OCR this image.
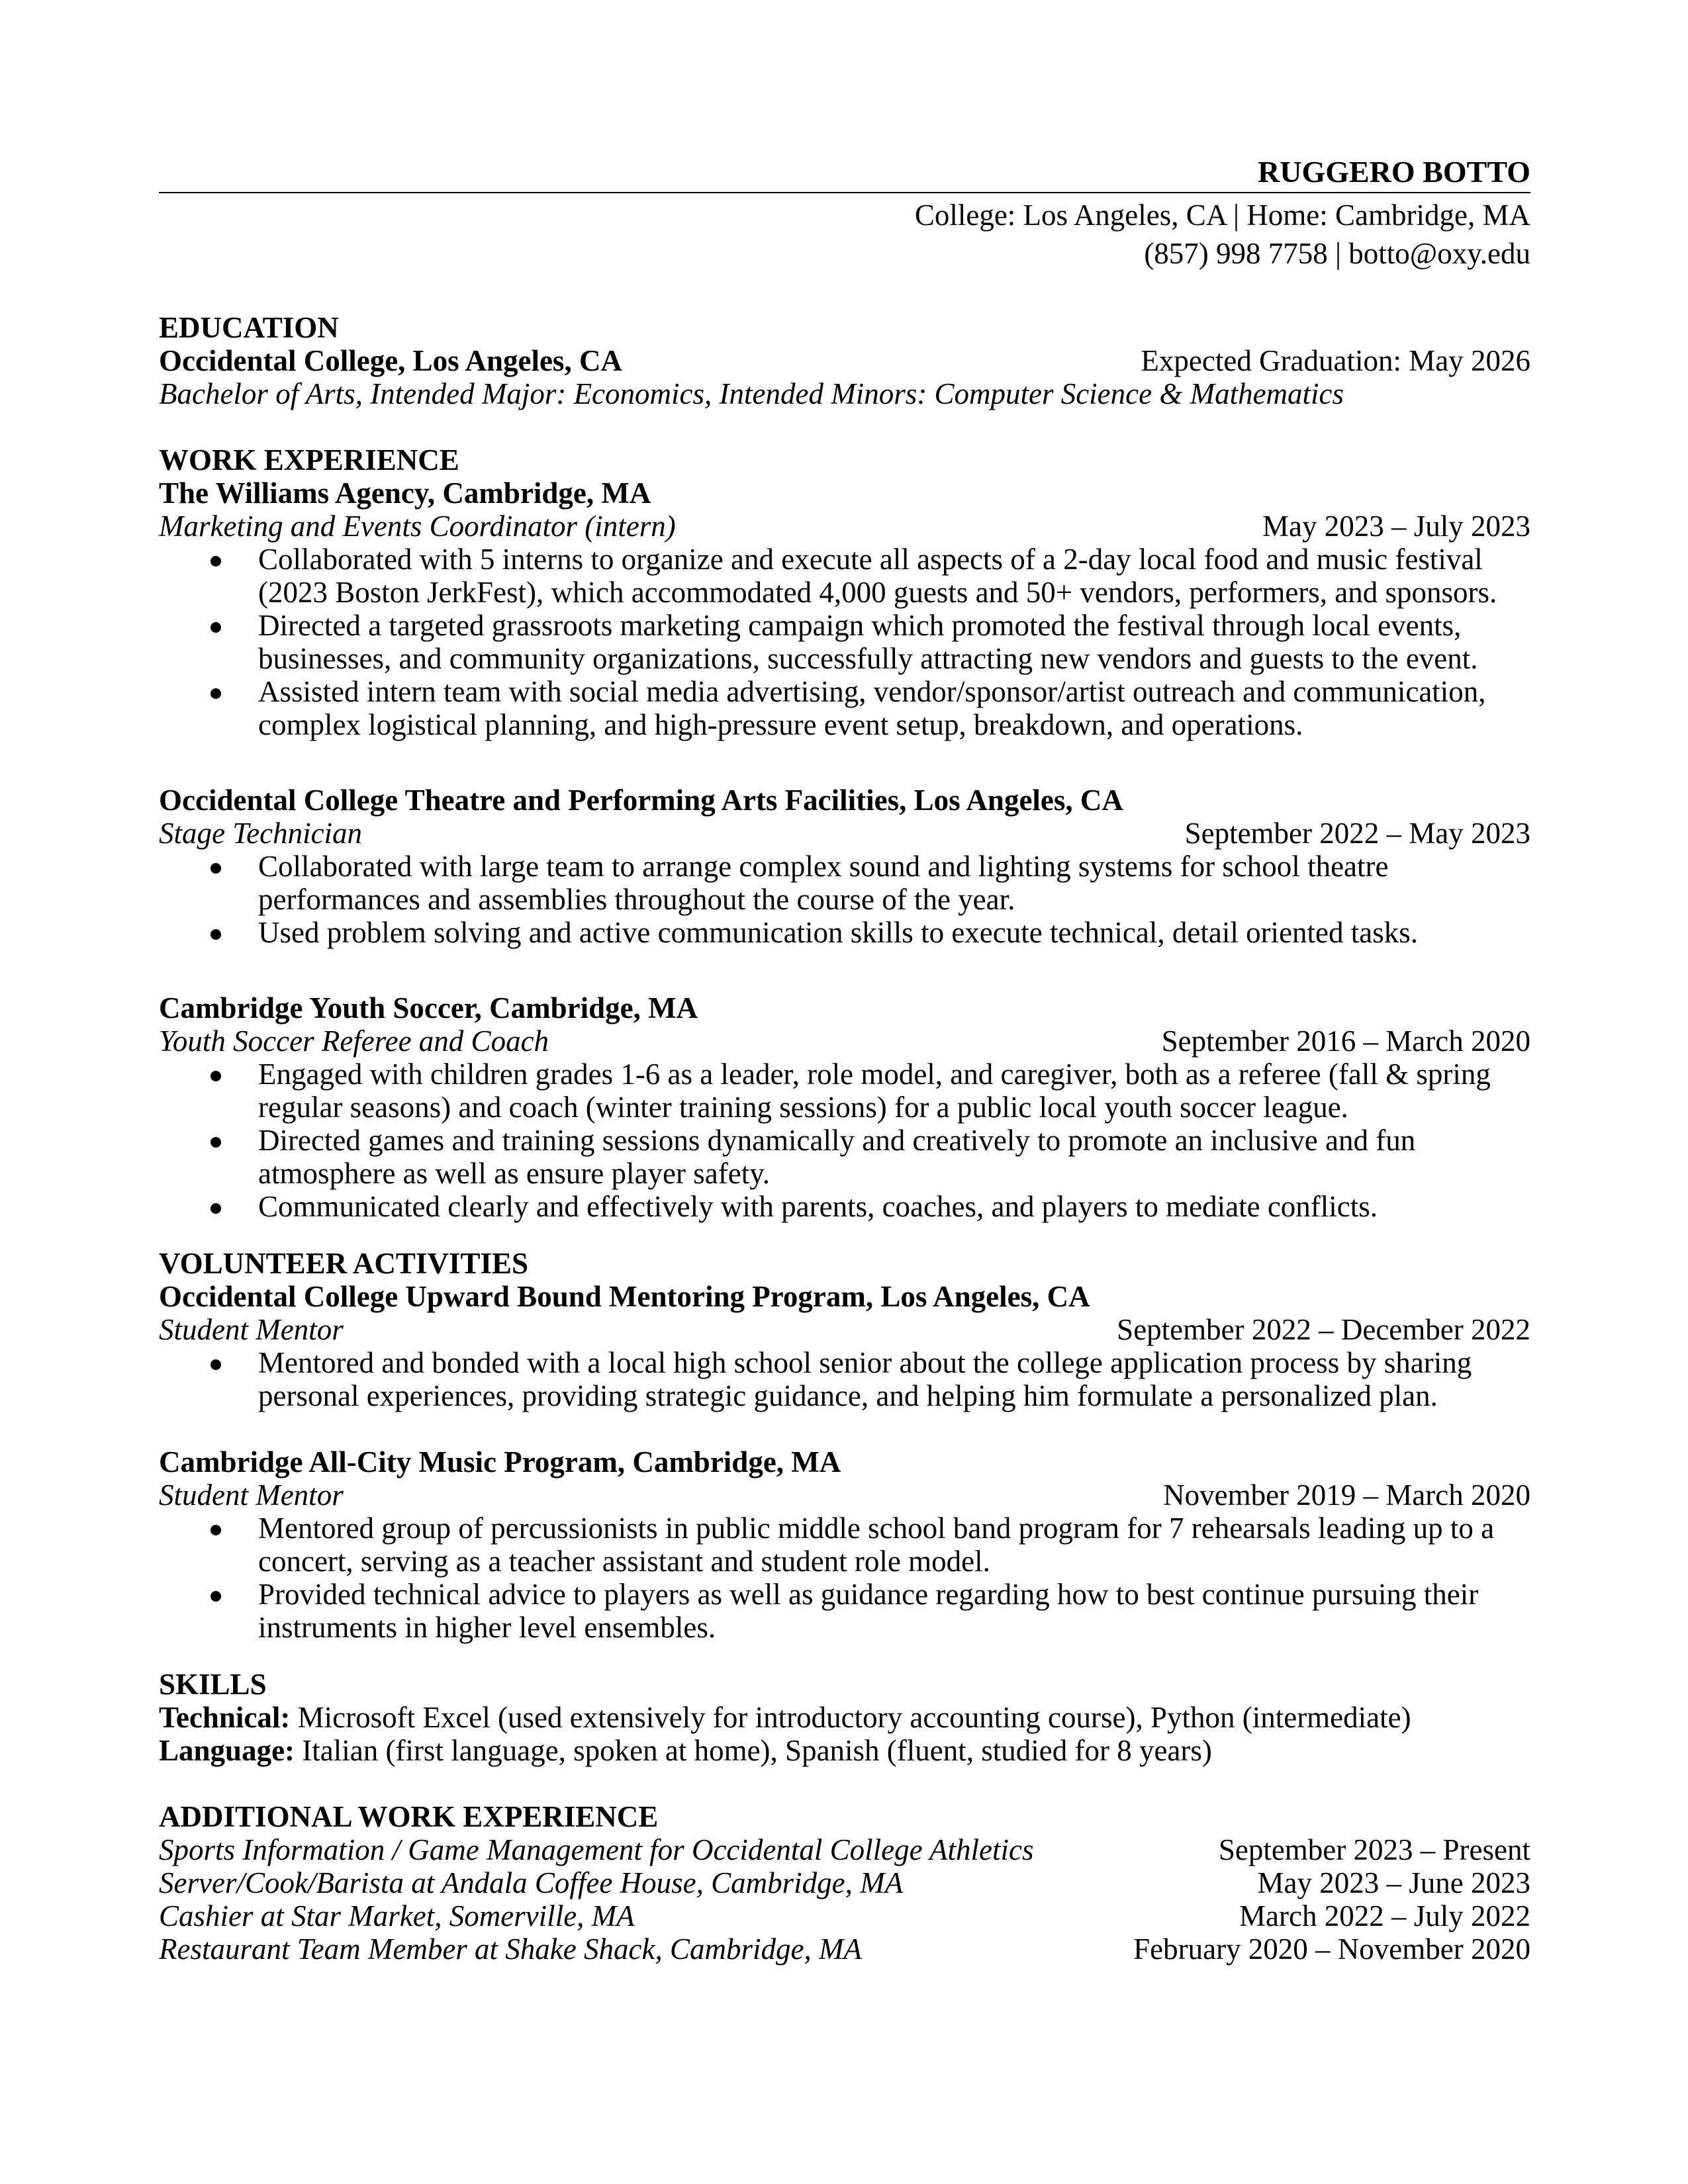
RUGGERO BOTTO
College: Los Angeles, CA | Home: Cambridge, MA
(857) 998 7758 | botto@oxy.edu
EDUCATION
Occidental College, Los Angeles, CA	Expected Graduation: May 2026
Bachelor of Arts, Intended Major: Economics, Intended Minors: Computer Science & Mathematics
WORK EXPERIENCE
The Williams Agency, Cambridge, MA
Marketing and Events Coordinator (intern)	May 2023 – July 2023
Collaborated with 5 interns to organize and execute all aspects of a 2-day local food and music festival (2023 Boston JerkFest), which accommodated 4,000 guests and 50+ vendors, performers, and sponsors.
Directed a targeted grassroots marketing campaign which promoted the festival through local events, businesses, and community organizations, successfully attracting new vendors and guests to the event.
Assisted intern team with social media advertising, vendor/sponsor/artist outreach and communication, complex logistical planning, and high-pressure event setup, breakdown, and operations.
Occidental College Theatre and Performing Arts Facilities, Los Angeles, CA
Stage Technician	September 2022 – May 2023
Collaborated with large team to arrange complex sound and lighting systems for school theatre performances and assemblies throughout the course of the year.
Used problem solving and active communication skills to execute technical, detail oriented tasks.
Cambridge Youth Soccer, Cambridge, MA
Youth Soccer Referee and Coach	September 2016 – March 2020
Engaged with children grades 1-6 as a leader, role model, and caregiver, both as a referee (fall & spring regular seasons) and coach (winter training sessions) for a public local youth soccer league.
Directed games and training sessions dynamically and creatively to promote an inclusive and fun atmosphere as well as ensure player safety.
Communicated clearly and effectively with parents, coaches, and players to mediate conflicts.
VOLUNTEER ACTIVITIES
Occidental College Upward Bound Mentoring Program, Los Angeles, CA
Student Mentor	September 2022 – December 2022
Mentored and bonded with a local high school senior about the college application process by sharing personal experiences, providing strategic guidance, and helping him formulate a personalized plan.
Cambridge All-City Music Program, Cambridge, MA
Student Mentor	November 2019 – March 2020
Mentored group of percussionists in public middle school band program for 7 rehearsals leading up to a concert, serving as a teacher assistant and student role model.
Provided technical advice to players as well as guidance regarding how to best continue pursuing their instruments in higher level ensembles.
SKILLS
Technical: Microsoft Excel (used extensively for introductory accounting course), Python (intermediate)
Language: Italian (first language, spoken at home), Spanish (fluent, studied for 8 years)
ADDITIONAL WORK EXPERIENCE
Sports Information / Game Management for Occidental College Athletics	September 2023 – Present
Server/Cook/Barista at Andala Coffee House, Cambridge, MA	May 2023 – June 2023
Cashier at Star Market, Somerville, MA	March 2022 – July 2022
Restaurant Team Member at Shake Shack, Cambridge, MA	February 2020 – November 2020
